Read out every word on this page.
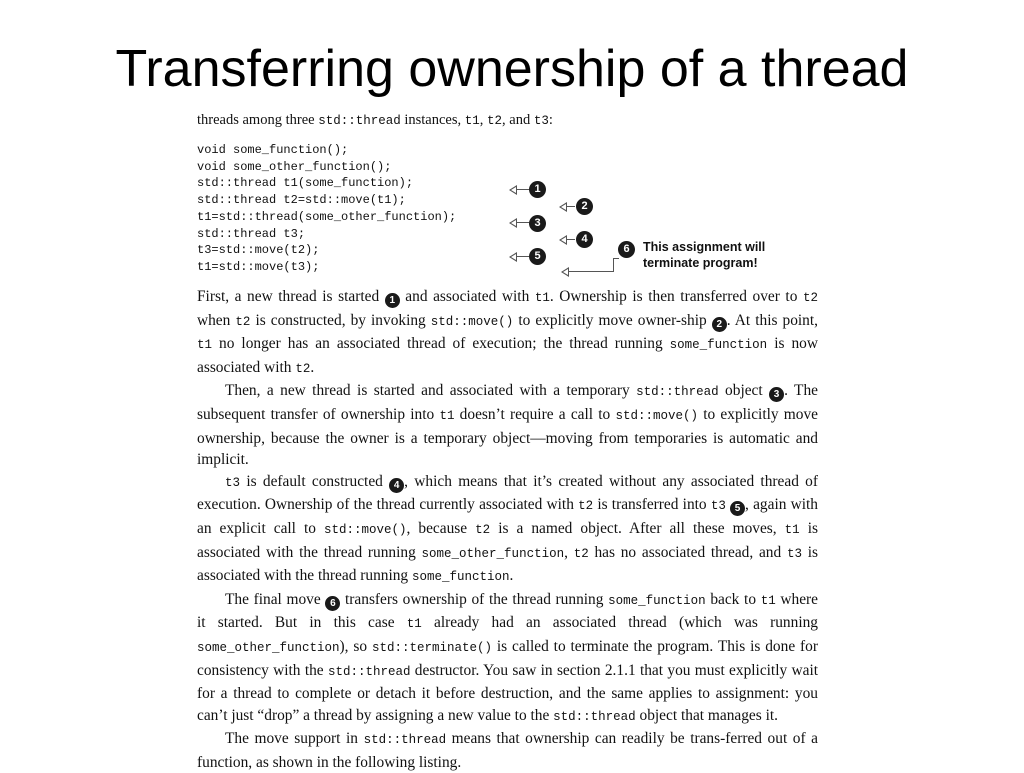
Transferring ownership of a thread
threads among three std::thread instances, t1, t2, and t3:
void some_function();
void some_other_function();
std::thread t1(some_function);
std::thread t2=std::move(t1);
t1=std::thread(some_other_function);
std::thread t3;
t3=std::move(t2);
t1=std::move(t3);
1
2
3
4
5
6	This assignment will
terminate program!

First, a new thread is started 1 and associated with t1. Ownership is then transferred over to t2 when t2 is constructed, by invoking std::move() to explicitly move owner-ship 2 . At this point, t1 no longer has an associated thread of execution; the thread running some_function is now associated with t2.

Then, a new thread is started and associated with a temporary std::thread object 3 . The subsequent transfer of ownership into t1 doesn’t require a call to std::move() to explicitly move ownership, because the owner is a temporary object—moving from temporaries is automatic and implicit.

t3 is default constructed 4 , which means that it’s created without any associated thread of execution. Ownership of the thread currently associated with t2 is transferred into t3 5 , again with an explicit call to std::move(), because t2 is a named object. After all these moves, t1 is associated with the thread running some_other_function, t2 has no associated thread, and t3 is associated with the thread running some_function.

The final move 6 transfers ownership of the thread running some_function back to t1 where it started. But in this case t1 already had an associated thread (which was running some_other_function), so std::terminate() is called to terminate the program. This is done for consistency with the std::thread destructor. You saw in section 2.1.1 that you must explicitly wait for a thread to complete or detach it before destruction, and the same applies to assignment: you can’t just “drop” a thread by assigning a new value to the std::thread object that manages it.

The move support in std::thread means that ownership can readily be trans-ferred out of a function, as shown in the following listing.
